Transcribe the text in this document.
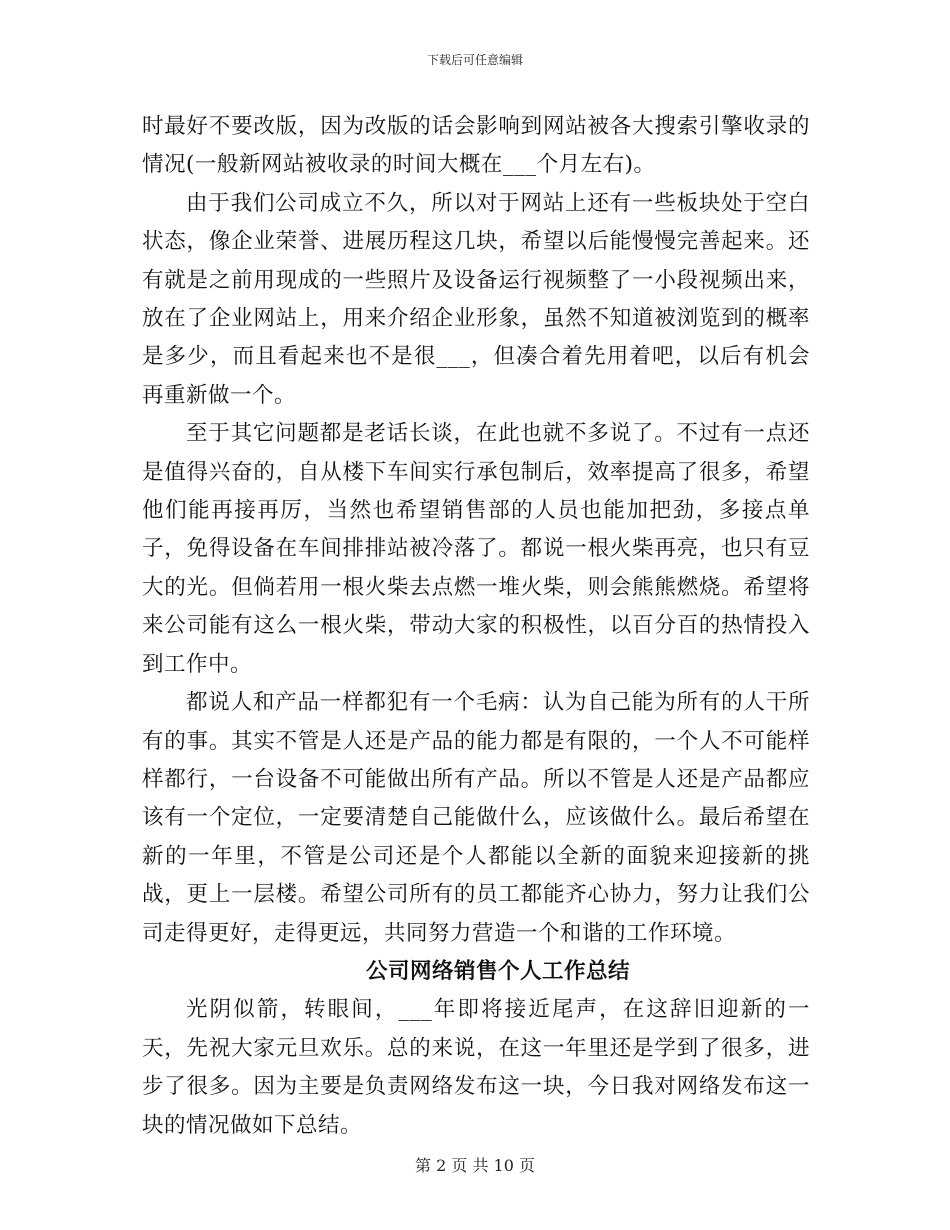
下载后可任意编辑

时最好不要改版，因为改版的话会影响到网站被各大搜索引擎收录的情况(一般新网站被收录的时间大概在___个月左右)。

由于我们公司成立不久，所以对于网站上还有一些板块处于空白状态，像企业荣誉、进展历程这几块，希望以后能慢慢完善起来。还有就是之前用现成的一些照片及设备运行视频整了一小段视频出来，放在了企业网站上，用来介绍企业形象，虽然不知道被浏览到的概率是多少，而且看起来也不是很___，但凑合着先用着吧，以后有机会再重新做一个。

至于其它问题都是老话长谈，在此也就不多说了。不过有一点还是值得兴奋的，自从楼下车间实行承包制后，效率提高了很多，希望他们能再接再厉，当然也希望销售部的人员也能加把劲，多接点单子，免得设备在车间排排站被冷落了。都说一根火柴再亮，也只有豆大的光。但倘若用一根火柴去点燃一堆火柴，则会熊熊燃烧。希望将来公司能有这么一根火柴，带动大家的积极性，以百分百的热情投入到工作中。

都说人和产品一样都犯有一个毛病：认为自己能为所有的人干所有的事。其实不管是人还是产品的能力都是有限的，一个人不可能样样都行，一台设备不可能做出所有产品。所以不管是人还是产品都应该有一个定位，一定要清楚自己能做什么，应该做什么。最后希望在新的一年里，不管是公司还是个人都能以全新的面貌来迎接新的挑战，更上一层楼。希望公司所有的员工都能齐心协力，努力让我们公司走得更好，走得更远，共同努力营造一个和谐的工作环境。

公司网络销售个人工作总结

光阴似箭，转眼间，___年即将接近尾声，在这辞旧迎新的一天，先祝大家元旦欢乐。总的来说，在这一年里还是学到了很多，进步了很多。因为主要是负责网络发布这一块，今日我对网络发布这一块的情况做如下总结。

第 2 页 共 10 页
